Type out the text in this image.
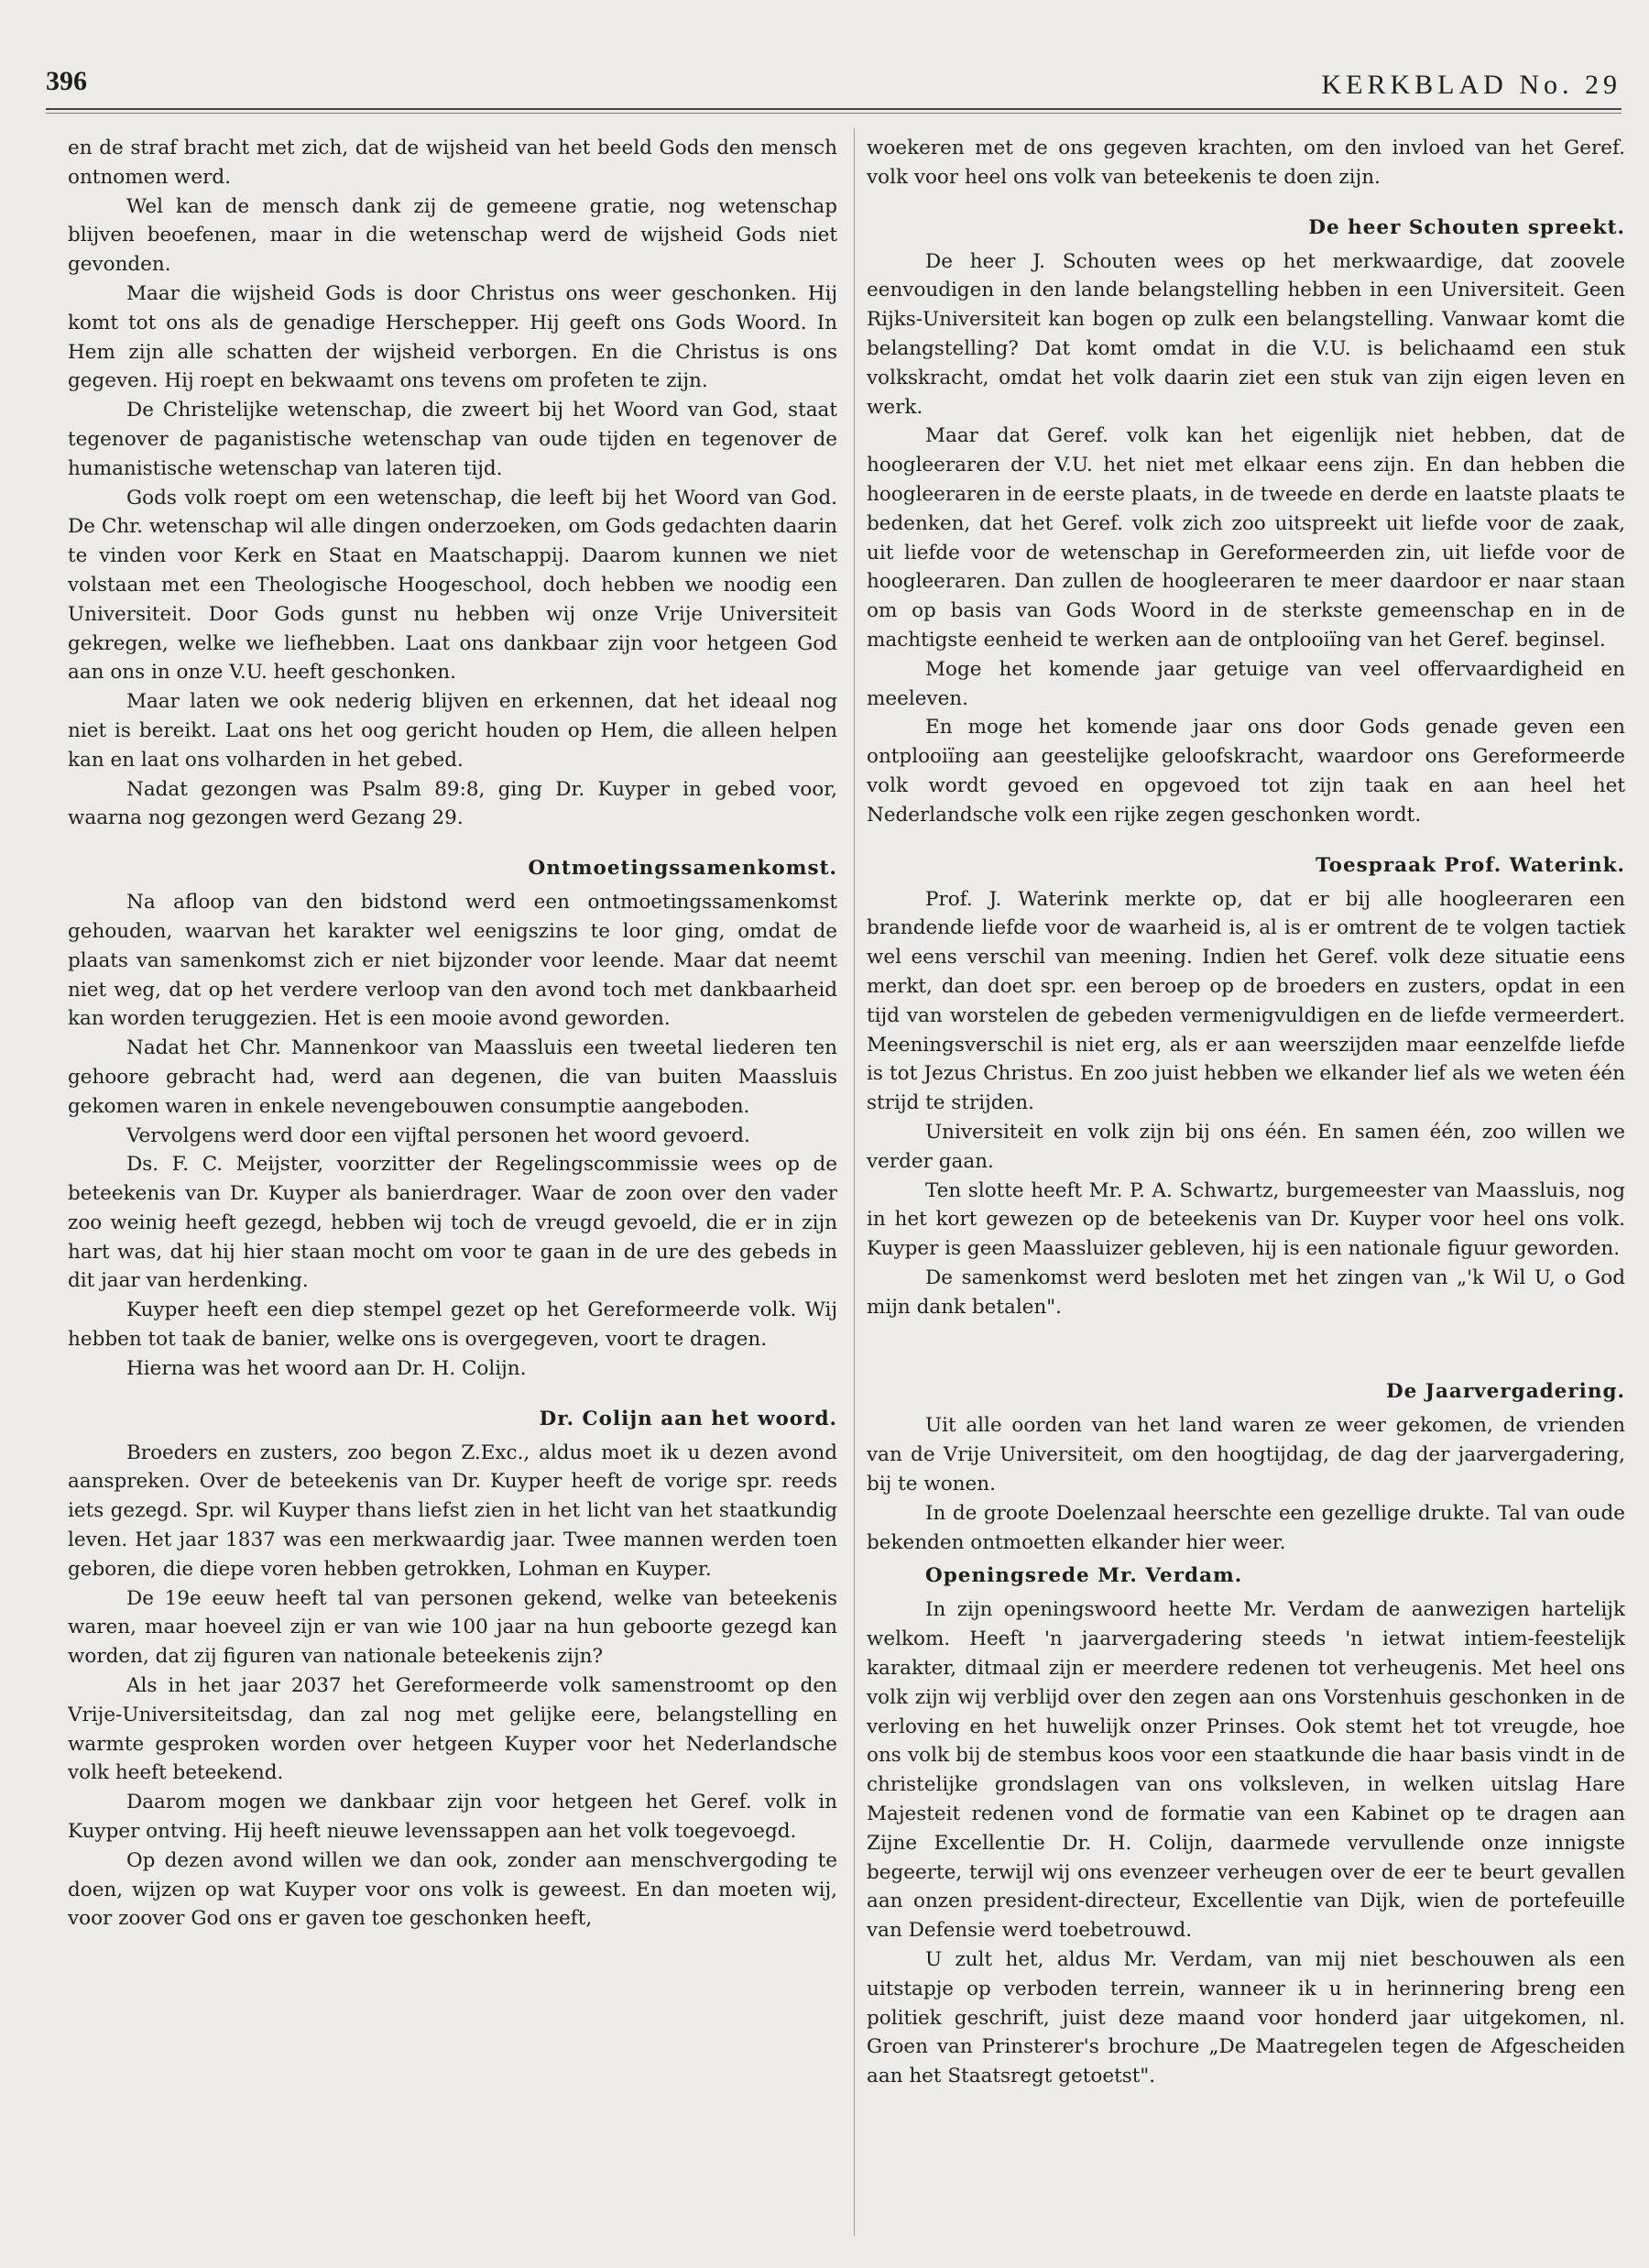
396	KERKBLAD No. 29

en de straf bracht met zich, dat de wijsheid van het beeld Gods den mensch ontnomen werd.

Wel kan de mensch dank zij de gemeene gratie, nog wetenschap blijven beoefenen, maar in die wetenschap werd de wijsheid Gods niet gevonden.

Maar die wijsheid Gods is door Christus ons weer geschonken. Hij komt tot ons als de genadige Herschepper. Hij geeft ons Gods Woord. In Hem zijn alle schatten der wijsheid verborgen. En die Christus is ons gegeven. Hij roept en bekwaamt ons tevens om profeten te zijn.

De Christelijke wetenschap, die zweert bij het Woord van God, staat tegenover de paganistische wetenschap van oude tijden en tegenover de humanistische wetenschap van lateren tijd.

Gods volk roept om een wetenschap, die leeft bij het Woord van God. De Chr. wetenschap wil alle dingen onderzoeken, om Gods gedachten daarin te vinden voor Kerk en Staat en Maatschappij. Daarom kunnen we niet volstaan met een Theologische Hoogeschool, doch hebben we noodig een Universiteit. Door Gods gunst nu hebben wij onze Vrije Universiteit gekregen, welke we liefhebben. Laat ons dankbaar zijn voor hetgeen God aan ons in onze V.U. heeft geschonken.

Maar laten we ook nederig blijven en erkennen, dat het ideaal nog niet is bereikt. Laat ons het oog gericht houden op Hem, die alleen helpen kan en laat ons volharden in het gebed.

Nadat gezongen was Psalm 89:8, ging Dr. Kuyper in gebed voor, waarna nog gezongen werd Gezang 29.

Ontmoetingssamenkomst.

Na afloop van den bidstond werd een ontmoetingssamenkomst gehouden, waarvan het karakter wel eenigszins te loor ging, omdat de plaats van samenkomst zich er niet bijzonder voor leende. Maar dat neemt niet weg, dat op het verdere verloop van den avond toch met dankbaarheid kan worden teruggezien. Het is een mooie avond geworden.

Nadat het Chr. Mannenkoor van Maassluis een tweetal liederen ten gehoore gebracht had, werd aan degenen, die van buiten Maassluis gekomen waren in enkele nevengebouwen consumptie aangeboden.

Vervolgens werd door een vijftal personen het woord gevoerd.

Ds. F. C. Meijster, voorzitter der Regelingscommissie wees op de beteekenis van Dr. Kuyper als banierdrager. Waar de zoon over den vader zoo weinig heeft gezegd, hebben wij toch de vreugd gevoeld, die er in zijn hart was, dat hij hier staan mocht om voor te gaan in de ure des gebeds in dit jaar van herdenking.

Kuyper heeft een diep stempel gezet op het Gereformeerde volk. Wij hebben tot taak de banier, welke ons is overgegeven, voort te dragen.

Hierna was het woord aan Dr. H. Colijn.

Dr. Colijn aan het woord.

Broeders en zusters, zoo begon Z.Exc., aldus moet ik u dezen avond aanspreken. Over de beteekenis van Dr. Kuyper heeft de vorige spr. reeds iets gezegd. Spr. wil Kuyper thans liefst zien in het licht van het staatkundig leven. Het jaar 1837 was een merkwaardig jaar. Twee mannen werden toen geboren, die diepe voren hebben getrokken, Lohman en Kuyper.

De 19e eeuw heeft tal van personen gekend, welke van beteekenis waren, maar hoeveel zijn er van wie 100 jaar na hun geboorte gezegd kan worden, dat zij figuren van nationale beteekenis zijn?

Als in het jaar 2037 het Gereformeerde volk samenstroomt op den Vrije-Universiteitsdag, dan zal nog met gelijke eere, belangstelling en warmte gesproken worden over hetgeen Kuyper voor het Nederlandsche volk heeft beteekend.

Daarom mogen we dankbaar zijn voor hetgeen het Geref. volk in Kuyper ontving. Hij heeft nieuwe levenssappen aan het volk toegevoegd.

Op dezen avond willen we dan ook, zonder aan menschvergoding te doen, wijzen op wat Kuyper voor ons volk is geweest. En dan moeten wij, voor zoover God ons er gaven toe geschonken heeft,

woekeren met de ons gegeven krachten, om den invloed van het Geref. volk voor heel ons volk van beteekenis te doen zijn.

De heer Schouten spreekt.

De heer J. Schouten wees op het merkwaardige, dat zoovele eenvoudigen in den lande belangstelling hebben in een Universiteit. Geen Rijks-Universiteit kan bogen op zulk een belangstelling. Vanwaar komt die belangstelling? Dat komt omdat in die V.U. is belichaamd een stuk volkskracht, omdat het volk daarin ziet een stuk van zijn eigen leven en werk.

Maar dat Geref. volk kan het eigenlijk niet hebben, dat de hoogleeraren der V.U. het niet met elkaar eens zijn. En dan hebben die hoogleeraren in de eerste plaats, in de tweede en derde en laatste plaats te bedenken, dat het Geref. volk zich zoo uitspreekt uit liefde voor de zaak, uit liefde voor de wetenschap in Gereformeerden zin, uit liefde voor de hoogleeraren. Dan zullen de hoogleeraren te meer daardoor er naar staan om op basis van Gods Woord in de sterkste gemeenschap en in de machtigste eenheid te werken aan de ontplooiïng van het Geref. beginsel.

Moge het komende jaar getuige van veel offervaardigheid en meeleven.

En moge het komende jaar ons door Gods genade geven een ontplooiïng aan geestelijke geloofskracht, waardoor ons Gereformeerde volk wordt gevoed en opgevoed tot zijn taak en aan heel het Nederlandsche volk een rijke zegen geschonken wordt.

Toespraak Prof. Waterink.

Prof. J. Waterink merkte op, dat er bij alle hoogleeraren een brandende liefde voor de waarheid is, al is er omtrent de te volgen tactiek wel eens verschil van meening. Indien het Geref. volk deze situatie eens merkt, dan doet spr. een beroep op de broeders en zusters, opdat in een tijd van worstelen de gebeden vermenigvuldigen en de liefde vermeerdert. Meeningsverschil is niet erg, als er aan weerszijden maar eenzelfde liefde is tot Jezus Christus. En zoo juist hebben we elkander lief als we weten één strijd te strijden.

Universiteit en volk zijn bij ons één. En samen één, zoo willen we verder gaan.

Ten slotte heeft Mr. P. A. Schwartz, burgemeester van Maassluis, nog in het kort gewezen op de beteekenis van Dr. Kuyper voor heel ons volk. Kuyper is geen Maassluizer gebleven, hij is een nationale figuur geworden.

De samenkomst werd besloten met het zingen van „'k Wil U, o God mijn dank betalen".

De Jaarvergadering.

Uit alle oorden van het land waren ze weer gekomen, de vrienden van de Vrije Universiteit, om den hoogtijdag, de dag der jaarvergadering, bij te wonen.

In de groote Doelenzaal heerschte een gezellige drukte. Tal van oude bekenden ontmoetten elkander hier weer.

Openingsrede Mr. Verdam.

In zijn openingswoord heette Mr. Verdam de aanwezigen hartelijk welkom. Heeft 'n jaarvergadering steeds 'n ietwat intiem-feestelijk karakter, ditmaal zijn er meerdere redenen tot verheugenis. Met heel ons volk zijn wij verblijd over den zegen aan ons Vorstenhuis geschonken in de verloving en het huwelijk onzer Prinses. Ook stemt het tot vreugde, hoe ons volk bij de stembus koos voor een staatkunde die haar basis vindt in de christelijke grondslagen van ons volksleven, in welken uitslag Hare Majesteit redenen vond de formatie van een Kabinet op te dragen aan Zijne Excellentie Dr. H. Colijn, daarmede vervullende onze innigste begeerte, terwijl wij ons evenzeer verheugen over de eer te beurt gevallen aan onzen president-directeur, Excellentie van Dijk, wien de portefeuille van Defensie werd toebetrouwd.

U zult het, aldus Mr. Verdam, van mij niet beschouwen als een uitstapje op verboden terrein, wanneer ik u in herinnering breng een politiek geschrift, juist deze maand voor honderd jaar uitgekomen, nl. Groen van Prinsterer's brochure „De Maatregelen tegen de Afgescheiden aan het Staatsregt getoetst".
